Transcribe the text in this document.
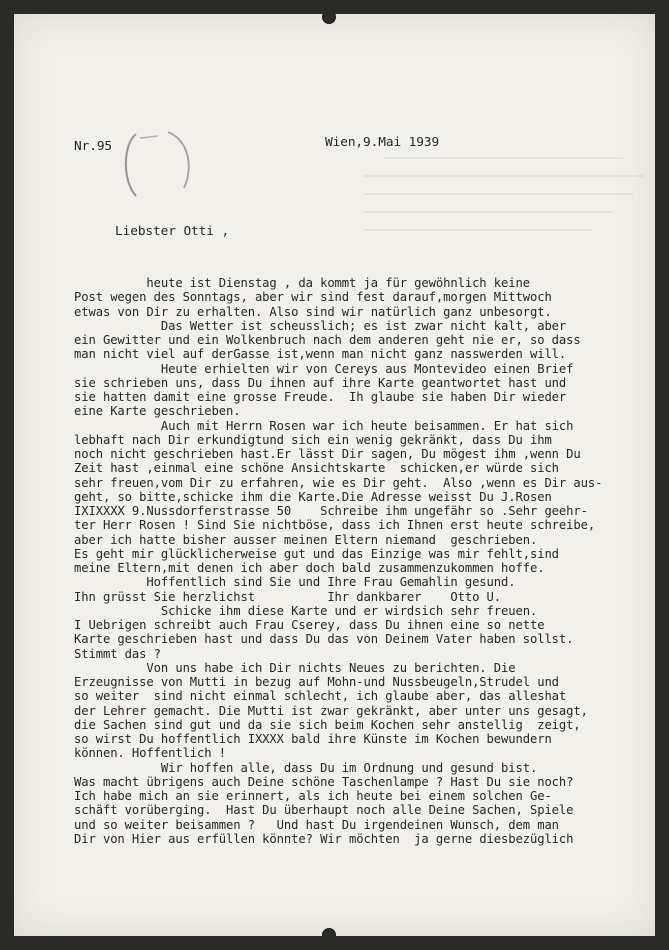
Nr.95	Wien,9.Mai 1939
Liebster Otti ,
heute ist Dienstag , da kommt ja für gewöhnlich keine
Post wegen des Sonntags, aber wir sind fest darauf,morgen Mittwoch
etwas von Dir zu erhalten. Also sind wir natürlich ganz unbesorgt.
Das Wetter ist scheusslich; es ist zwar nicht kalt, aber
ein Gewitter und ein Wolkenbruch nach dem anderen geht nie er, so dass
man nicht viel auf derGasse ist,wenn man nicht ganz nasswerden will.
Heute erhielten wir von Cereys aus Montevideo einen Brief
sie schrieben uns, dass Du ihnen auf ihre Karte geantwortet hast und
sie hatten damit eine grosse Freude.  Ih glaube sie haben Dir wieder
eine Karte geschrieben.
Auch mit Herrn Rosen war ich heute beisammen. Er hat sich
lebhaft nach Dir erkundigtund sich ein wenig gekränkt, dass Du ihm
noch nicht geschrieben hast.Er lässt Dir sagen, Du mögest ihm ,wenn Du
Zeit hast ,einmal eine schöne Ansichtskarte  schicken,er würde sich
sehr freuen,vom Dir zu erfahren, wie es Dir geht.  Also ,wenn es Dir aus-
geht, so bitte,schicke ihm die Karte.Die Adresse weisst Du J.Rosen
IXIXXXX 9.Nussdorferstrasse 50    Schreibe ihm ungefähr so .Sehr geehr-
ter Herr Rosen ! Sind Sie nichtböse, dass ich Ihnen erst heute schreibe,
aber ich hatte bisher ausser meinen Eltern niemand  geschrieben.
Es geht mir glücklicherweise gut und das Einzige was mir fehlt,sind
meine Eltern,mit denen ich aber doch bald zusammenzukommen hoffe.
Hoffentlich sind Sie und Ihre Frau Gemahlin gesund.
Ihn grüsst Sie herzlichst          Ihr dankbarer    Otto U.
Schicke ihm diese Karte und er wirdsich sehr freuen.
I Uebrigen schreibt auch Frau Cserey, dass Du ihnen eine so nette
Karte geschrieben hast und dass Du das von Deinem Vater haben sollst.
Stimmt das ?
Von uns habe ich Dir nichts Neues zu berichten. Die
Erzeugnisse von Mutti in bezug auf Mohn-und Nussbeugeln,Strudel und
so weiter  sind nicht einmal schlecht, ich glaube aber, das alleshat
der Lehrer gemacht. Die Mutti ist zwar gekränkt, aber unter uns gesagt,
die Sachen sind gut und da sie sich beim Kochen sehr anstellig  zeigt,
so wirst Du hoffentlich IXXXX bald ihre Künste im Kochen bewundern
können. Hoffentlich !
Wir hoffen alle, dass Du im Ordnung und gesund bist.
Was macht übrigens auch Deine schöne Taschenlampe ? Hast Du sie noch?
Ich habe mich an sie erinnert, als ich heute bei einem solchen Ge-
schäft vorüberging.  Hast Du überhaupt noch alle Deine Sachen, Spiele
und so weiter beisammen ?   Und hast Du irgendeinen Wunsch, dem man
Dir von Hier aus erfüllen könnte? Wir möchten  ja gerne diesbezüglich
